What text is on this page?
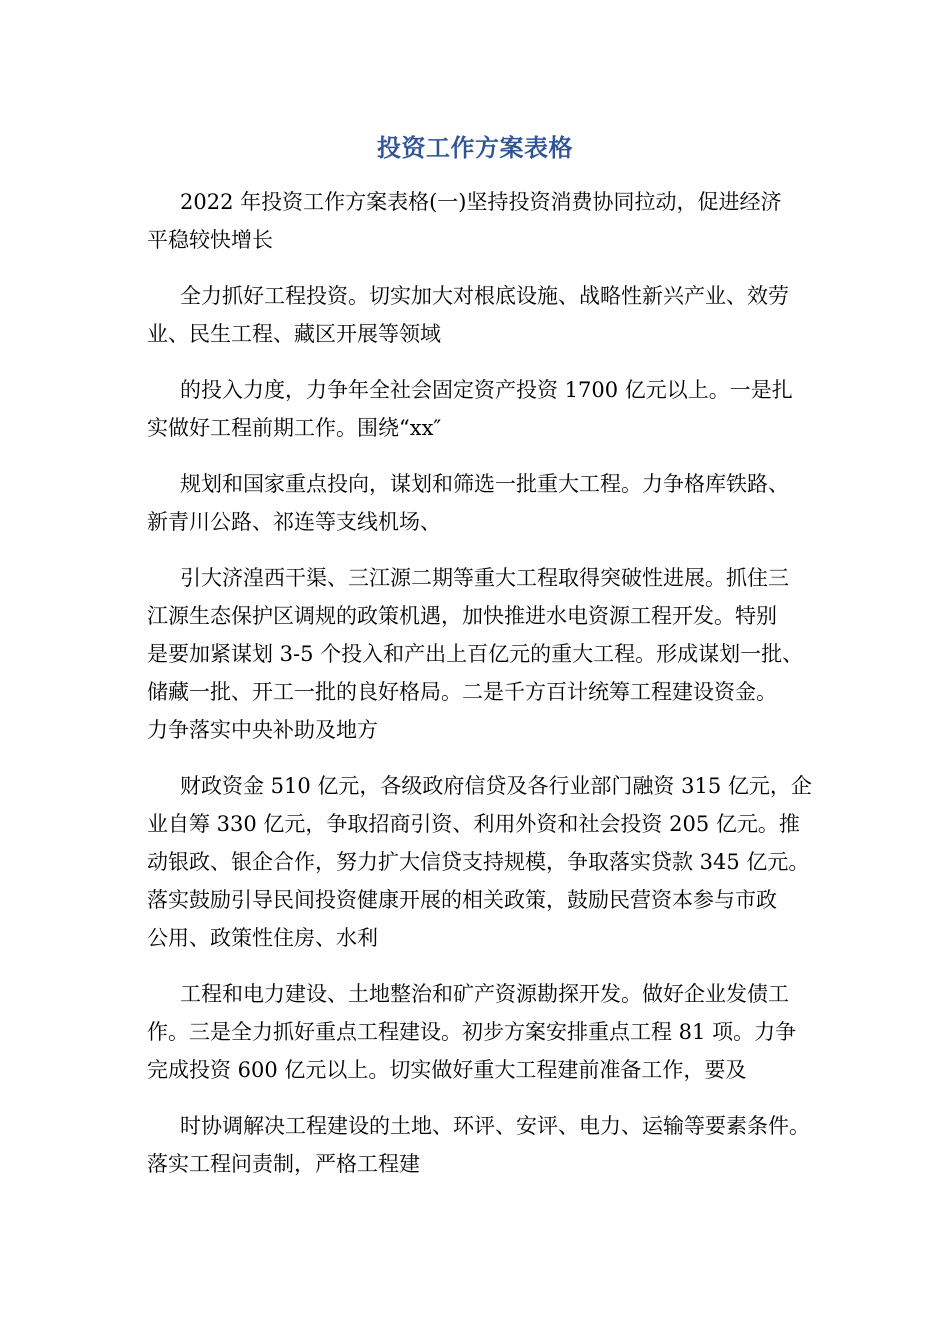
投资工作方案表格

2022 年投资工作方案表格(一)坚持投资消费协同拉动，促进经济
平稳较快增长

全力抓好工程投资。切实加大对根底设施、战略性新兴产业、效劳
业、民生工程、藏区开展等领域

的投入力度，力争年全社会固定资产投资 1700 亿元以上。一是扎
实做好工程前期工作。围绕“xx″

规划和国家重点投向，谋划和筛选一批重大工程。力争格库铁路、
新青川公路、祁连等支线机场、

引大济湟西干渠、三江源二期等重大工程取得突破性进展。抓住三
江源生态保护区调规的政策机遇，加快推进水电资源工程开发。特别
是要加紧谋划 3-5 个投入和产出上百亿元的重大工程。形成谋划一批、
储藏一批、开工一批的良好格局。二是千方百计统筹工程建设资金。
力争落实中央补助及地方

财政资金 510 亿元，各级政府信贷及各行业部门融资 315 亿元，企
业自筹 330 亿元，争取招商引资、利用外资和社会投资 205 亿元。推
动银政、银企合作，努力扩大信贷支持规模，争取落实贷款 345 亿元。
落实鼓励引导民间投资健康开展的相关政策，鼓励民营资本参与市政
公用、政策性住房、水利

工程和电力建设、土地整治和矿产资源勘探开发。做好企业发债工
作。三是全力抓好重点工程建设。初步方案安排重点工程 81 项。力争
完成投资 600 亿元以上。切实做好重大工程建前准备工作，要及

时协调解决工程建设的土地、环评、安评、电力、运输等要素条件。
落实工程问责制，严格工程建
